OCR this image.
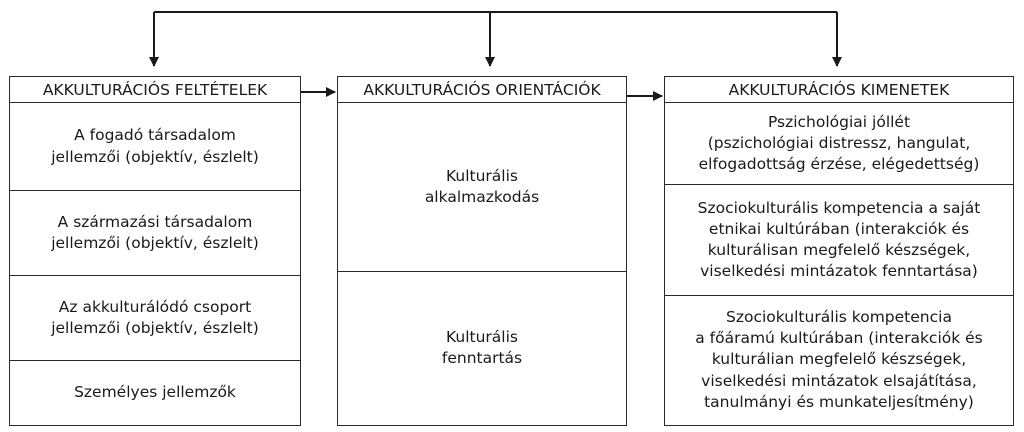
AKKULTURÁCIÓS FELTÉTELEK
A fogadó társadalom
jellemzői (objektív, észlelt)
A származási társadalom
jellemzői (objektív, észlelt)
Az akkulturálódó csoport
jellemzői (objektív, észlelt)
Személyes jellemzők
AKKULTURÁCIÓS ORIENTÁCIÓK
Kulturális
alkalmazkodás
Kulturális
fenntartás
AKKULTURÁCIÓS KIMENETEK
Pszichológiai jóllét
(pszichológiai distressz, hangulat,
elfogadottság érzése, elégedettség)
Szociokulturális kompetencia a saját
etnikai kultúrában (interakciók és
kulturálisan megfelelő készségek,
viselkedési mintázatok fenntartása)
Szociokulturális kompetencia
a főáramú kultúrában (interakciók és
kulturálian megfelelő készségek,
viselkedési mintázatok elsajátítása,
tanulmányi és munkateljesítmény)
